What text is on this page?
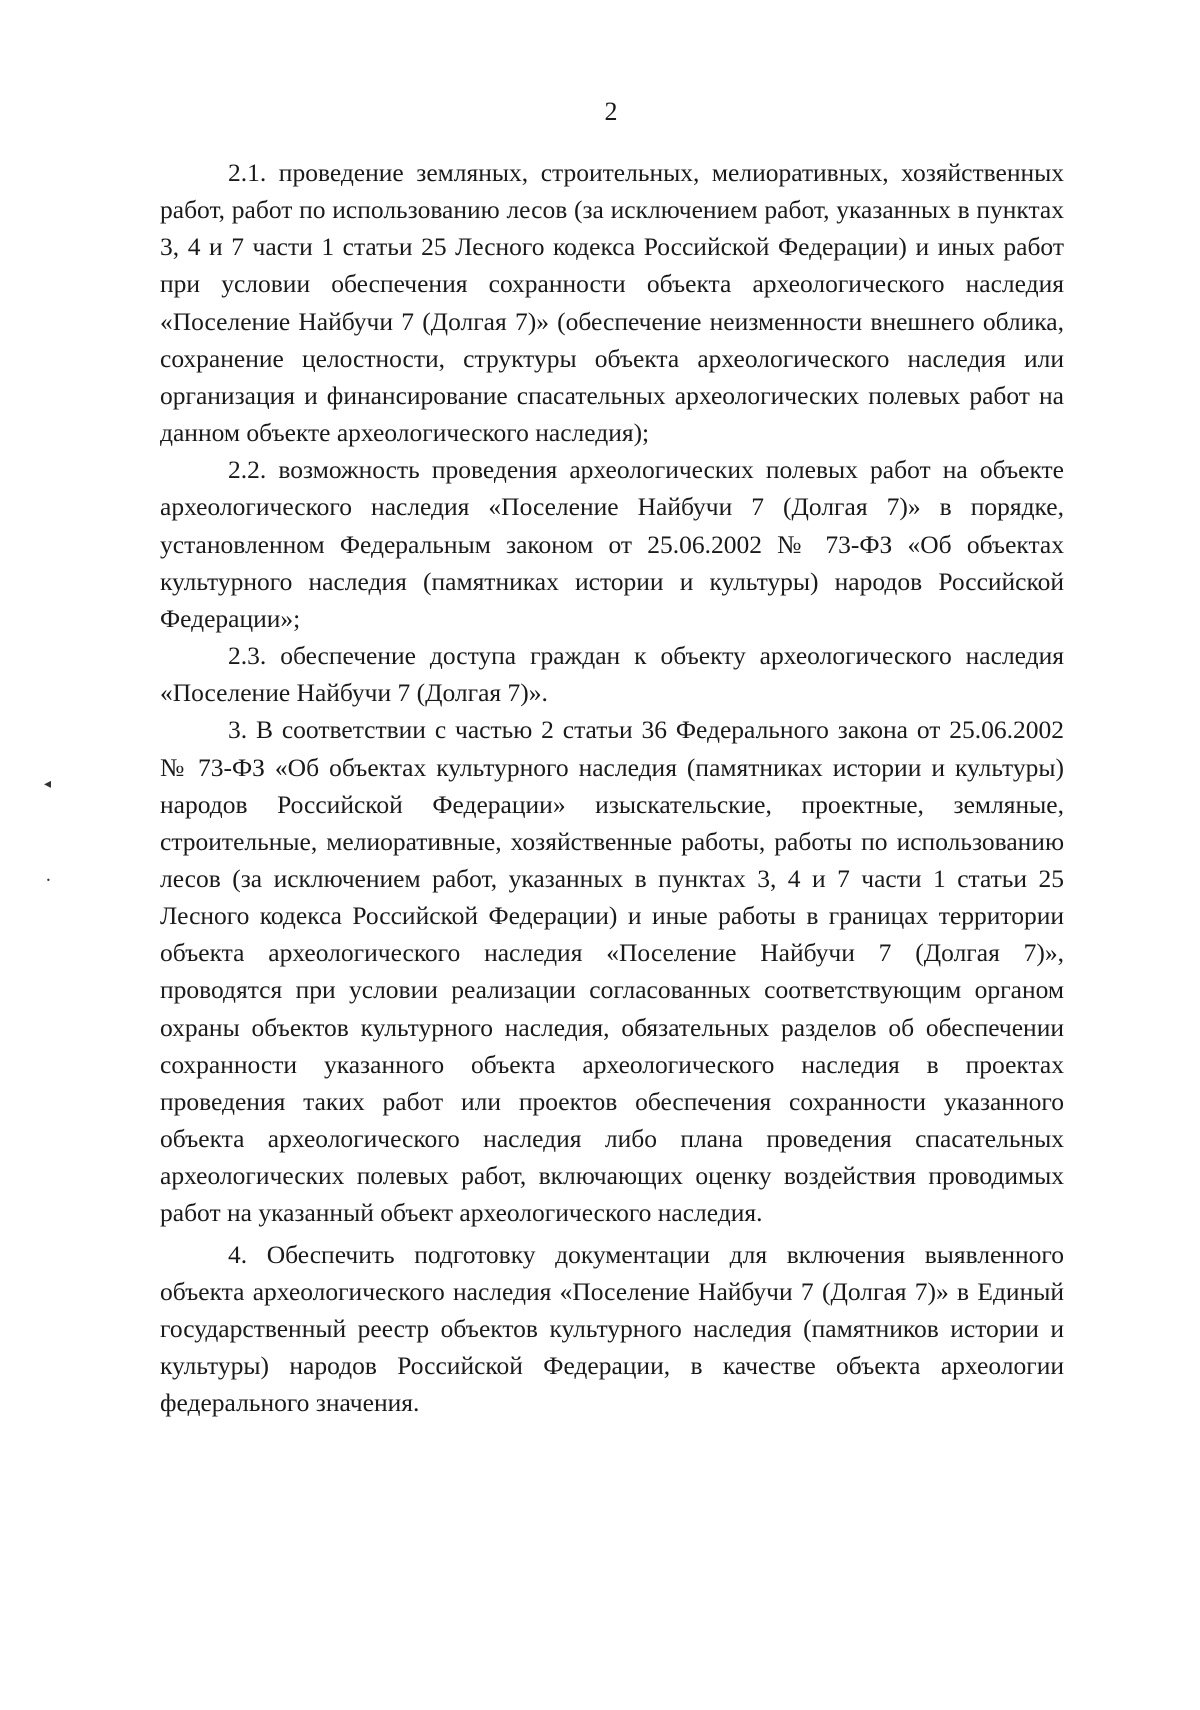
2

2.1. проведение земляных, строительных, мелиоративных, хозяйственных работ, работ по использованию лесов (за исключением работ, указанных в пунктах 3, 4 и 7 части 1 статьи 25 Лесного кодекса Российской Федерации) и иных работ при условии обеспечения сохранности объекта археологического наследия «Поселение Найбучи 7 (Долгая 7)» (обеспечение неизменности внешнего облика, сохранение целостности, структуры объекта археологического наследия или организация и финансирование спасательных археологических полевых работ на данном объекте археологического наследия);

2.2. возможность проведения археологических полевых работ на объекте археологического наследия «Поселение Найбучи 7 (Долгая 7)» в порядке, установленном Федеральным законом от 25.06.2002 № 73-ФЗ «Об объектах культурного наследия (памятниках истории и культуры) народов Российской Федерации»;

2.3. обеспечение доступа граждан к объекту археологического наследия «Поселение Найбучи 7 (Долгая 7)».

3. В соответствии с частью 2 статьи 36 Федерального закона от 25.06.2002 № 73-ФЗ «Об объектах культурного наследия (памятниках истории и культуры) народов Российской Федерации» изыскательские, проектные, земляные, строительные, мелиоративные, хозяйственные работы, работы по использованию лесов (за исключением работ, указанных в пунктах 3, 4 и 7 части 1 статьи 25 Лесного кодекса Российской Федерации) и иные работы в границах территории объекта археологического наследия «Поселение Найбучи 7 (Долгая 7)», проводятся при условии реализации согласованных соответствующим органом охраны объектов культурного наследия, обязательных разделов об обеспечении сохранности указанного объекта археологического наследия в проектах проведения таких работ или проектов обеспечения сохранности указанного объекта археологического наследия либо плана проведения спасательных археологических полевых работ, включающих оценку воздействия проводимых работ на указанный объект археологического наследия.

4. Обеспечить подготовку документации для включения выявленного объекта археологического наследия «Поселение Найбучи 7 (Долгая 7)» в Единый государственный реестр объектов культурного наследия (памятников истории и культуры) народов Российской Федерации, в качестве объекта археологии федерального значения.

◂
•
